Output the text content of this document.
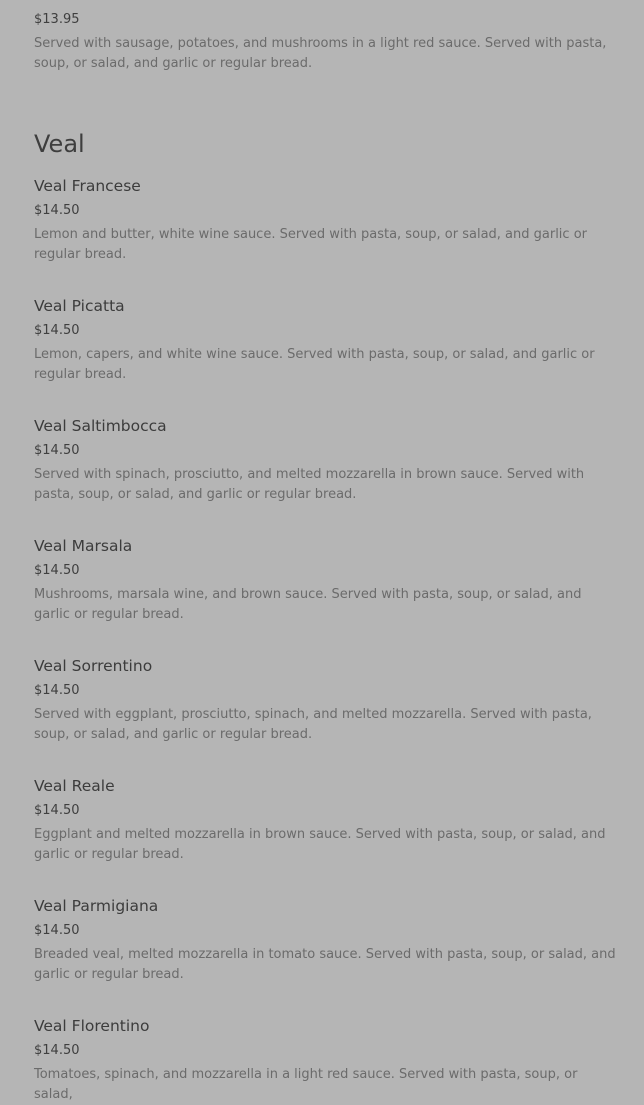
$13.95

Served with sausage, potatoes, and mushrooms in a light red sauce. Served with pasta, soup, or salad, and garlic or regular bread.

Veal
Veal Francese

$14.50

Lemon and butter, white wine sauce. Served with pasta, soup, or salad, and garlic or regular bread.

Veal Picatta

$14.50

Lemon, capers, and white wine sauce. Served with pasta, soup, or salad, and garlic or regular bread.

Veal Saltimbocca

$14.50

Served with spinach, prosciutto, and melted mozzarella in brown sauce. Served with pasta, soup, or salad, and garlic or regular bread.

Veal Marsala

$14.50

Mushrooms, marsala wine, and brown sauce. Served with pasta, soup, or salad, and garlic or regular bread.

Veal Sorrentino

$14.50

Served with eggplant, prosciutto, spinach, and melted mozzarella. Served with pasta, soup, or salad, and garlic or regular bread.

Veal Reale

$14.50

Eggplant and melted mozzarella in brown sauce. Served with pasta, soup, or salad, and garlic or regular bread.

Veal Parmigiana

$14.50

Breaded veal, melted mozzarella in tomato sauce. Served with pasta, soup, or salad, and garlic or regular bread.

Veal Florentino

$14.50

Tomatoes, spinach, and mozzarella in a light red sauce. Served with pasta, soup, or salad,
